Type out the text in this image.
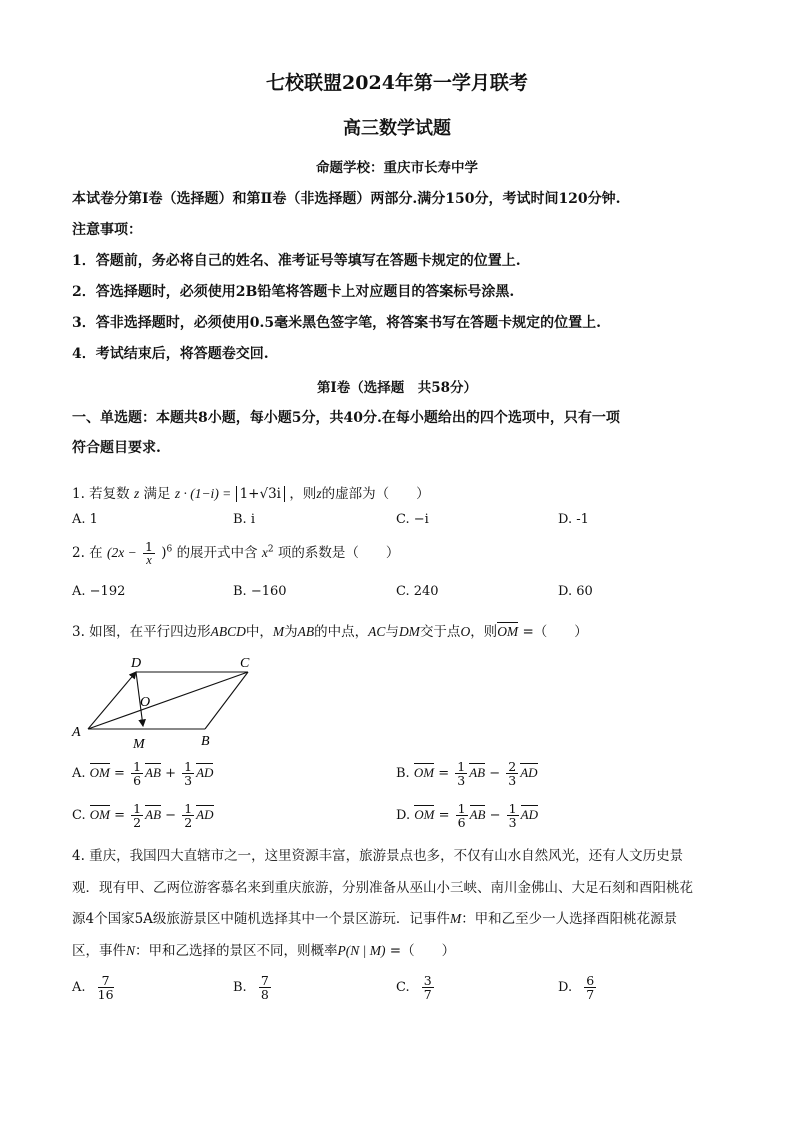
七校联盟2024年第一学月联考
高三数学试题
命题学校：重庆市长寿中学
本试卷分第Ⅰ卷（选择题）和第Ⅱ卷（非选择题）两部分.满分150分，考试时间120分钟.
注意事项：
1．答题前，务必将自己的姓名、准考证号等填写在答题卡规定的位置上.
2．答选择题时，必须使用2B铅笔将答题卡上对应题目的答案标号涂黑.
3．答非选择题时，必须使用0.5毫米黑色签字笔，将答案书写在答题卡规定的位置上.
4．考试结束后，将答题卷交回.
第Ⅰ卷（选择题　共58分）
一、单选题：本题共8小题，每小题5分，共40分.在每小题给出的四个选项中，只有一项
符合题目要求.
1. 若复数 z 满足 z · (1−i) = 1+√3i ，则z的虚部为（　　）
A. 1	B. i	C. −i	D. -1
2. 在 $(2x - \frac{1}{x} )^6$ 的展开式中含 $x^2$ 项的系数是（　　）
A. −192	B. −160	C. 240	D. 60
3. 如图，在平行四边形ABCD中，M为AB的中点，AC与DM交于点O，则OM =（　　）
A
B
C
D
O
M
A. OM = $\frac{1}{6}$ AB + $\frac{1}{3}$ AD	B. OM = $\frac{1}{3}$ AB − $\frac{2}{3}$ AD
C. OM = $\frac{1}{2}$ AB − $\frac{1}{2}$ AD	D. OM = $\frac{1}{6}$ AB − $\frac{1}{3}$ AD
4. 重庆，我国四大直辖市之一，这里资源丰富，旅游景点也多，不仅有山水自然风光，还有人文历史景
观．现有甲、乙两位游客慕名来到重庆旅游，分别准备从巫山小三峡、南川金佛山、大足石刻和酉阳桃花
源4个国家5A级旅游景区中随机选择其中一个景区游玩．记事件M：甲和乙至少一人选择酉阳桃花源景
区，事件N：甲和乙选择的景区不同，则概率P(N | M) =（　　）
A. $\frac{7}{16}$	B. $\frac{7}{8}$	C. $\frac{3}{7}$	D. $\frac{6}{7}$
